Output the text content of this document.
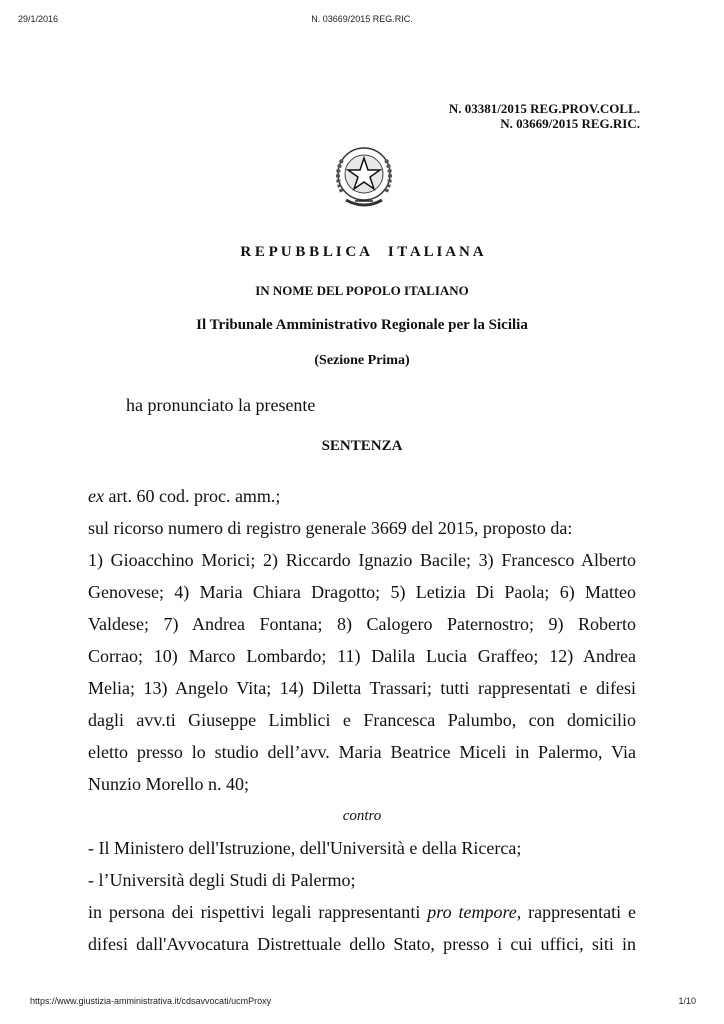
29/1/2016	N. 03669/2015 REG.RIC.
N. 03381/2015 REG.PROV.COLL.
N. 03669/2015 REG.RIC.
R E P U B B L I C A     I T A L I A N A
IN NOME DEL POPOLO ITALIANO
Il Tribunale Amministrativo Regionale per la Sicilia
(Sezione Prima)
ha pronunciato la presente
SENTENZA
ex art. 60 cod. proc. amm.;
sul ricorso numero di registro generale 3669 del 2015, proposto da:
1) Gioacchino Morici; 2) Riccardo Ignazio Bacile; 3) Francesco Alberto
Genovese; 4) Maria Chiara Dragotto; 5) Letizia Di Paola; 6) Matteo
Valdese; 7) Andrea Fontana; 8) Calogero Paternostro; 9) Roberto
Corrao; 10) Marco Lombardo; 11) Dalila Lucia Graffeo; 12) Andrea
Melia; 13) Angelo Vita; 14) Diletta Trassari; tutti rappresentati e difesi
dagli avv.ti Giuseppe Limblici e Francesca Palumbo, con domicilio
eletto presso lo studio dell’avv. Maria Beatrice Miceli in Palermo, Via
Nunzio Morello n. 40;
contro
- Il Ministero dell'Istruzione, dell'Università e della Ricerca;
- l’Università degli Studi di Palermo;
in persona dei rispettivi legali rappresentanti pro tempore, rappresentati e
difesi dall'Avvocatura Distrettuale dello Stato, presso i cui uffici, siti in
https://www.giustizia-amministrativa.it/cdsavvocati/ucmProxy	1/10
